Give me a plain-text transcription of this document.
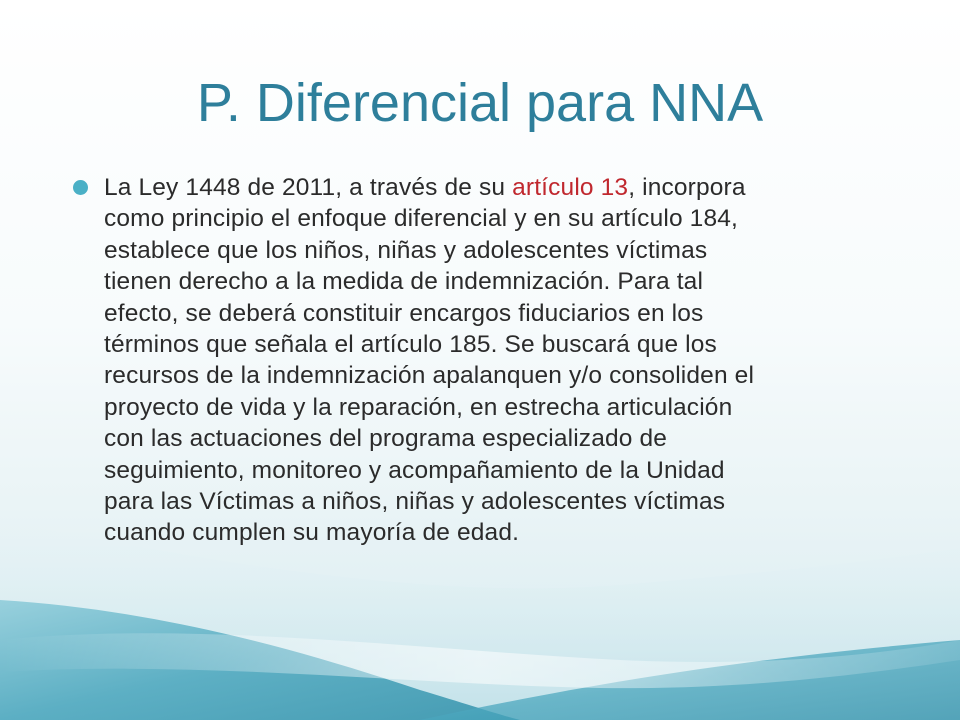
P. Diferencial para NNA
La Ley 1448 de 2011, a través de su artículo 13, incorpora
como principio el enfoque diferencial y en su artículo 184,
establece que los niños, niñas y adolescentes víctimas
tienen derecho a la medida de indemnización. Para tal
efecto, se deberá constituir encargos fiduciarios en los
términos que señala el artículo 185. Se buscará que los
recursos de la indemnización apalanquen y/o consoliden el
proyecto de vida y la reparación, en estrecha articulación
con las actuaciones del programa especializado de
seguimiento, monitoreo y acompañamiento de la Unidad
para las Víctimas a niños, niñas y adolescentes víctimas
cuando cumplen su mayoría de edad.
